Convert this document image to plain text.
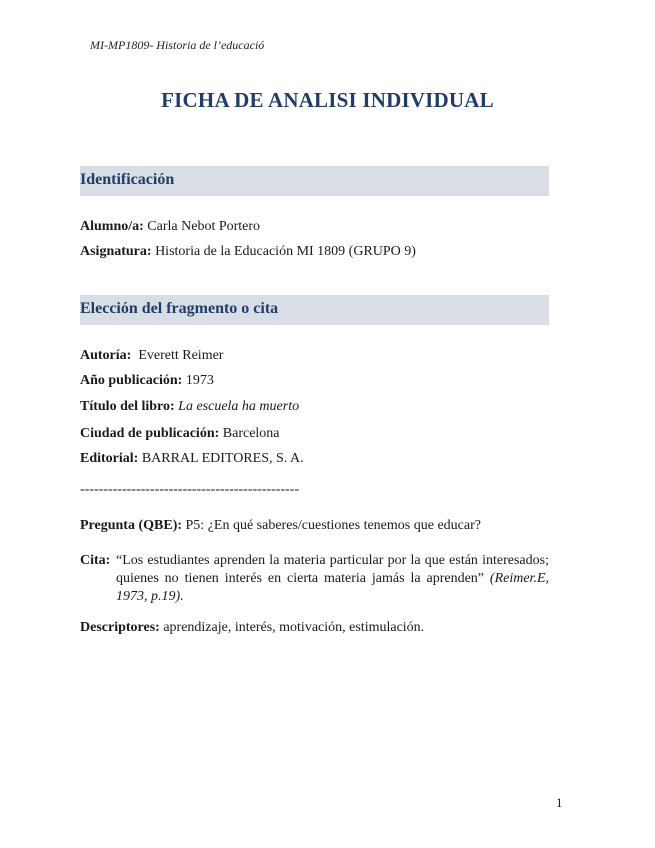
MI-MP1809- Historia de l’educació
FICHA DE ANALISI INDIVIDUAL
Identificación
Alumno/a: Carla Nebot Portero
Asignatura: Historia de la Educación MI 1809 (GRUPO 9)
Elección del fragmento o cita
Autoría:  Everett Reimer
Año publicación: 1973
Título del libro: La escuela ha muerto
Ciudad de publicación: Barcelona
Editorial: BARRAL EDITORES, S. A.
-----------------------------------------------
Pregunta (QBE): P5: ¿En qué saberes/cuestiones tenemos que educar?
Cita: “Los estudiantes aprenden la materia particular por la que están interesados; quienes no tienen interés en cierta materia jamás la aprenden” (Reimer.E, 1973, p.19).
Descriptores: aprendizaje, interés, motivación, estimulación.
1
